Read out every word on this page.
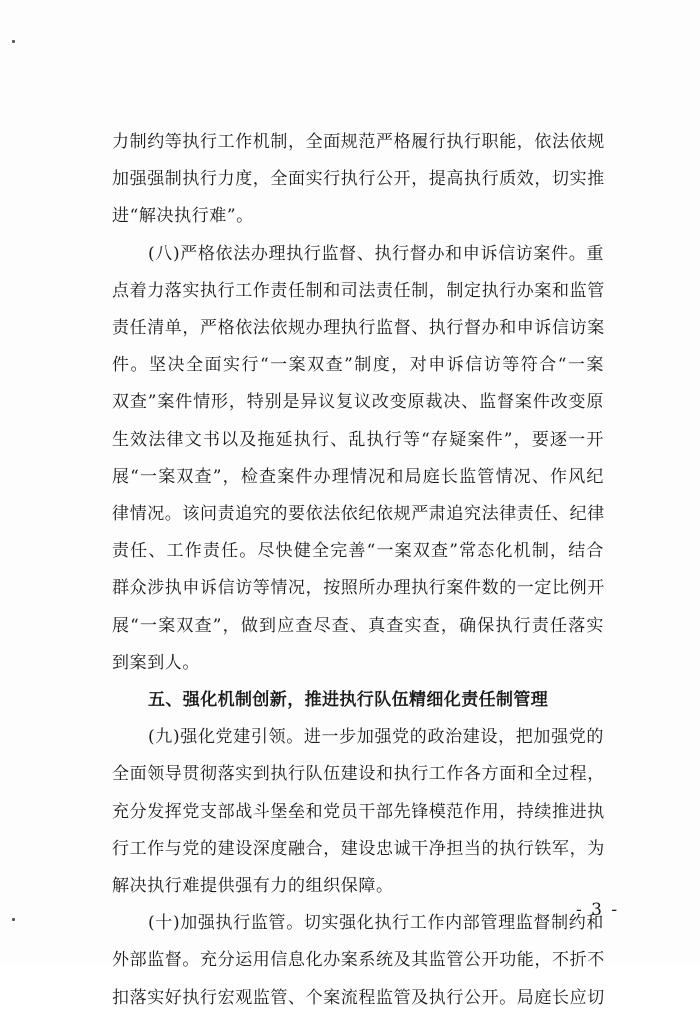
力制约等执行工作机制，全面规范严格履行执行职能，依法依规
加强强制执行力度，全面实行执行公开，提高执行质效，切实推
进“解决执行难”。
(八)严格依法办理执行监督、执行督办和申诉信访案件。重
点着力落实执行工作责任制和司法责任制，制定执行办案和监管
责任清单，严格依法依规办理执行监督、执行督办和申诉信访案
件。坚决全面实行“一案双查”制度，对申诉信访等符合“一案
双查”案件情形，特别是异议复议改变原裁决、监督案件改变原
生效法律文书以及拖延执行、乱执行等“存疑案件”，要逐一开
展“一案双查”，检查案件办理情况和局庭长监管情况、作风纪
律情况。该问责追究的要依法依纪依规严肃追究法律责任、纪律
责任、工作责任。尽快健全完善“一案双查”常态化机制，结合
群众涉执申诉信访等情况，按照所办理执行案件数的一定比例开
展“一案双查”，做到应查尽查、真查实查，确保执行责任落实
到案到人。
五、强化机制创新，推进执行队伍精细化责任制管理
(九)强化党建引领。进一步加强党的政治建设，把加强党的
全面领导贯彻落实到执行队伍建设和执行工作各方面和全过程，
充分发挥党支部战斗堡垒和党员干部先锋模范作用，持续推进执
行工作与党的建设深度融合，建设忠诚干净担当的执行铁军，为
解决执行难提供强有力的组织保障。
(十)加强执行监管。切实强化执行工作内部管理监督制约和
外部监督。充分运用信息化办案系统及其监管公开功能，不折不
扣落实好执行宏观监管、个案流程监管及执行公开。局庭长应切
- 3 -
